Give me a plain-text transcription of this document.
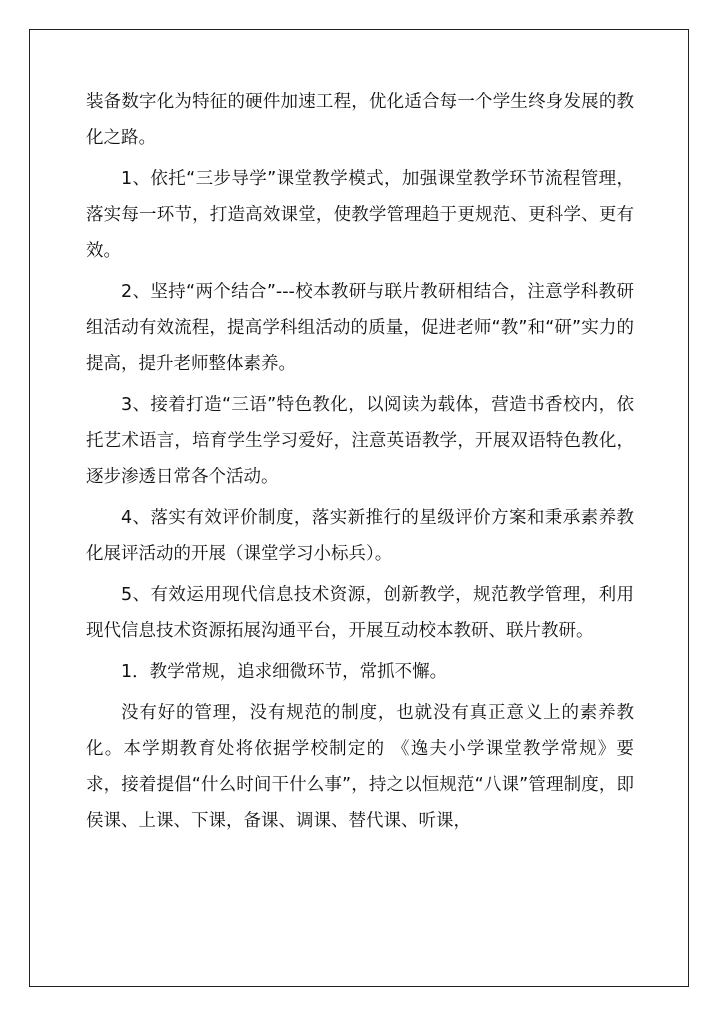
装备数字化为特征的硬件加速工程，优化适合每一个学生终身发展的教化之路。

1、依托“三步导学”课堂教学模式，加强课堂教学环节流程管理，落实每一环节，打造高效课堂，使教学管理趋于更规范、更科学、更有效。

2、坚持“两个结合”---校本教研与联片教研相结合，注意学科教研组活动有效流程，提高学科组活动的质量，促进老师“教”和“研”实力的提高，提升老师整体素养。

3、接着打造“三语”特色教化，以阅读为载体，营造书香校内，依托艺术语言，培育学生学习爱好，注意英语教学，开展双语特色教化，逐步渗透日常各个活动。

4、落实有效评价制度，落实新推行的星级评价方案和秉承素养教化展评活动的开展（课堂学习小标兵）。

5、有效运用现代信息技术资源，创新教学，规范教学管理，利用现代信息技术资源拓展沟通平台，开展互动校本教研、联片教研。

1．教学常规，追求细微环节，常抓不懈。

没有好的管理，没有规范的制度，也就没有真正意义上的素养教化。本学期教育处将依据学校制定的 《逸夫小学课堂教学常规》要求，接着提倡“什么时间干什么事”，持之以恒规范“八课”管理制度，即侯课、上课、下课，备课、调课、替代课、听课，
